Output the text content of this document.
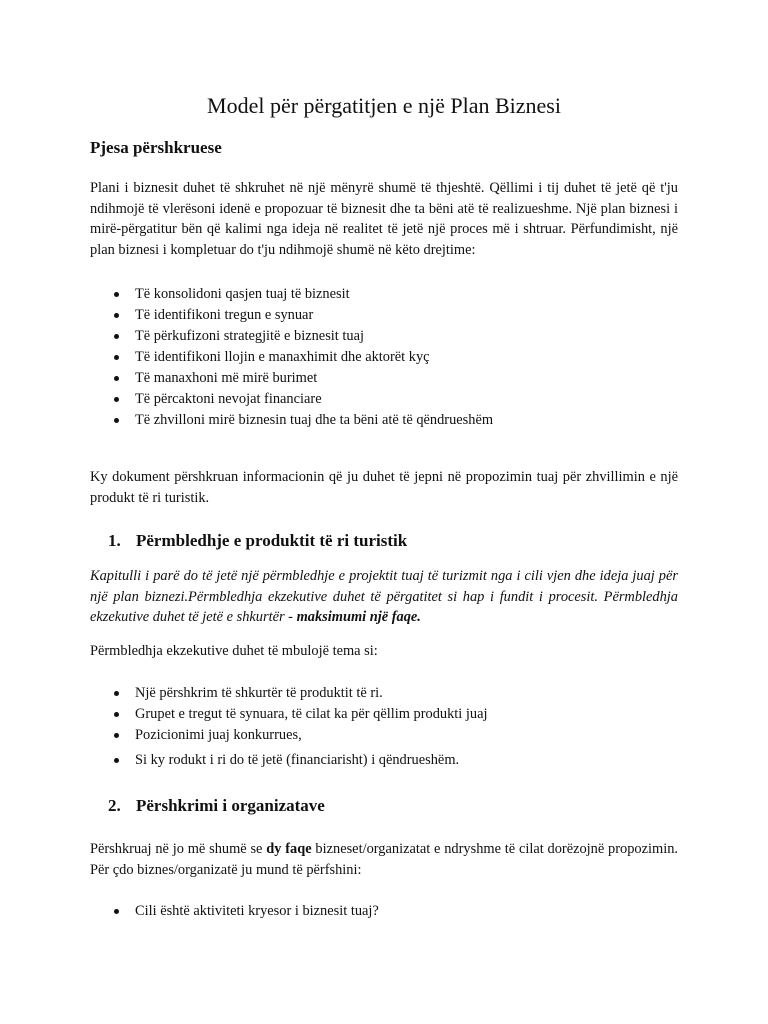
Model për përgatitjen e një Plan Biznesi
Pjesa përshkruese

Plani i biznesit duhet të shkruhet në një mënyrë shumë të thjeshtë. Qëllimi i tij duhet të jetë që t'ju ndihmojë të vlerësoni idenë e propozuar të biznesit dhe ta bëni atë të realizueshme. Një plan biznesi i mirë-përgatitur bën që kalimi nga ideja në realitet të jetë një proces më i shtruar. Përfundimisht, një plan biznesi i kompletuar do t'ju ndihmojë shumë në këto drejtime:

Të konsolidoni qasjen tuaj të biznesit
Të identifikoni tregun e synuar
Të përkufizoni strategjitë e biznesit tuaj
Të identifikoni llojin e manaxhimit dhe aktorët kyç
Të manaxhoni më mirë burimet
Të përcaktoni nevojat financiare
Të zhvilloni mirë biznesin tuaj dhe ta bëni atë të qëndrueshëm

Ky dokument përshkruan informacionin që ju duhet të jepni në propozimin tuaj për zhvillimin e një produkt të ri turistik.

1. Përmbledhje e produktit të ri turistik

Kapitulli i parë do të jetë një përmbledhje e projektit tuaj të turizmit nga i cili vjen dhe ideja juaj për një plan biznezi.Përmbledhja ekzekutive duhet të përgatitet si hap i fundit i procesit. Përmbledhja ekzekutive duhet të jetë e shkurtër - maksimumi një faqe.

Përmbledhja ekzekutive duhet të mbulojë tema si:

Një përshkrim të shkurtër të produktit të ri.
Grupet e tregut të synuara, të cilat ka për qëllim produkti juaj
Pozicionimi juaj konkurrues,
Si ky rodukt i ri do të jetë (financiarisht) i qëndrueshëm.
2. Përshkrimi i organizatave

Përshkruaj në jo më shumë se dy faqe bizneset/organizatat e ndryshme të cilat dorëzojnë propozimin. Për çdo biznes/organizatë ju mund të përfshini:

Cili është aktiviteti kryesor i biznesit tuaj?
